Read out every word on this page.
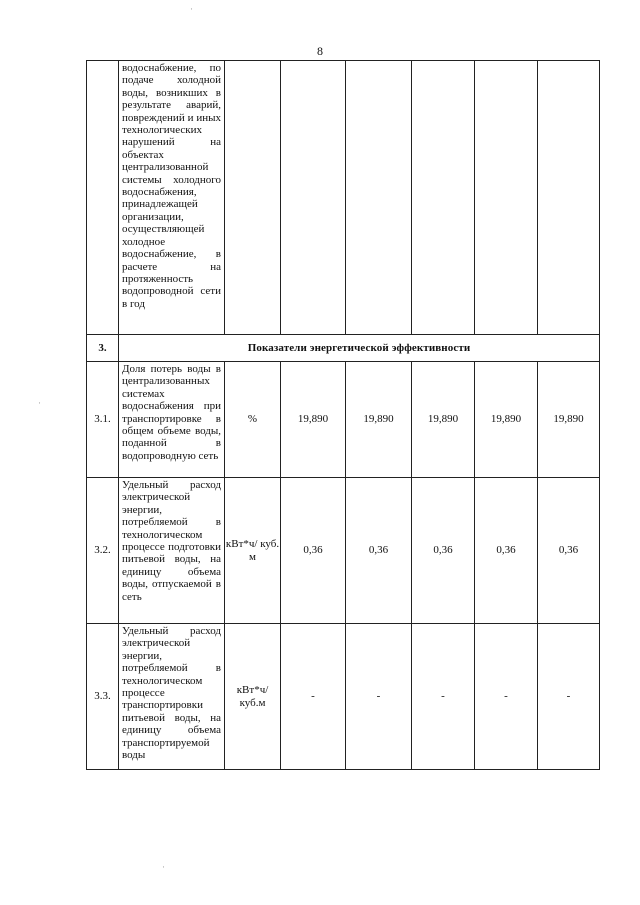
8
	водоснабжение, по подаче холодной воды, возникших в результате аварий, повреждений и иных технологических нарушений на объектах централизованной системы холодного водоснабжения, принадлежащей организации, осуществляющей холодное водоснабжение, в расчете на протяженность водопроводной сети в год						
3.	Показатели энергетической эффективности						
3.1.	Доля потерь воды в централизованных системах водоснабжения при транспортировке в общем объеме воды, поданной в водопроводную сеть	%	19,890	19,890	19,890	19,890	19,890
3.2.	Удельный расход электрической энергии, потребляемой в технологическом процессе подготовки питьевой воды, на единицу объема воды, отпускаемой в сеть	кВт*ч/ куб. м	0,36	0,36	0,36	0,36	0,36
3.3.	Удельный расход электрической энергии, потребляемой в технологическом процессе транспортировки питьевой воды, на единицу объема транспортируемой воды	кВт*ч/ куб.м	-	-	-	-	-
·
·
·
